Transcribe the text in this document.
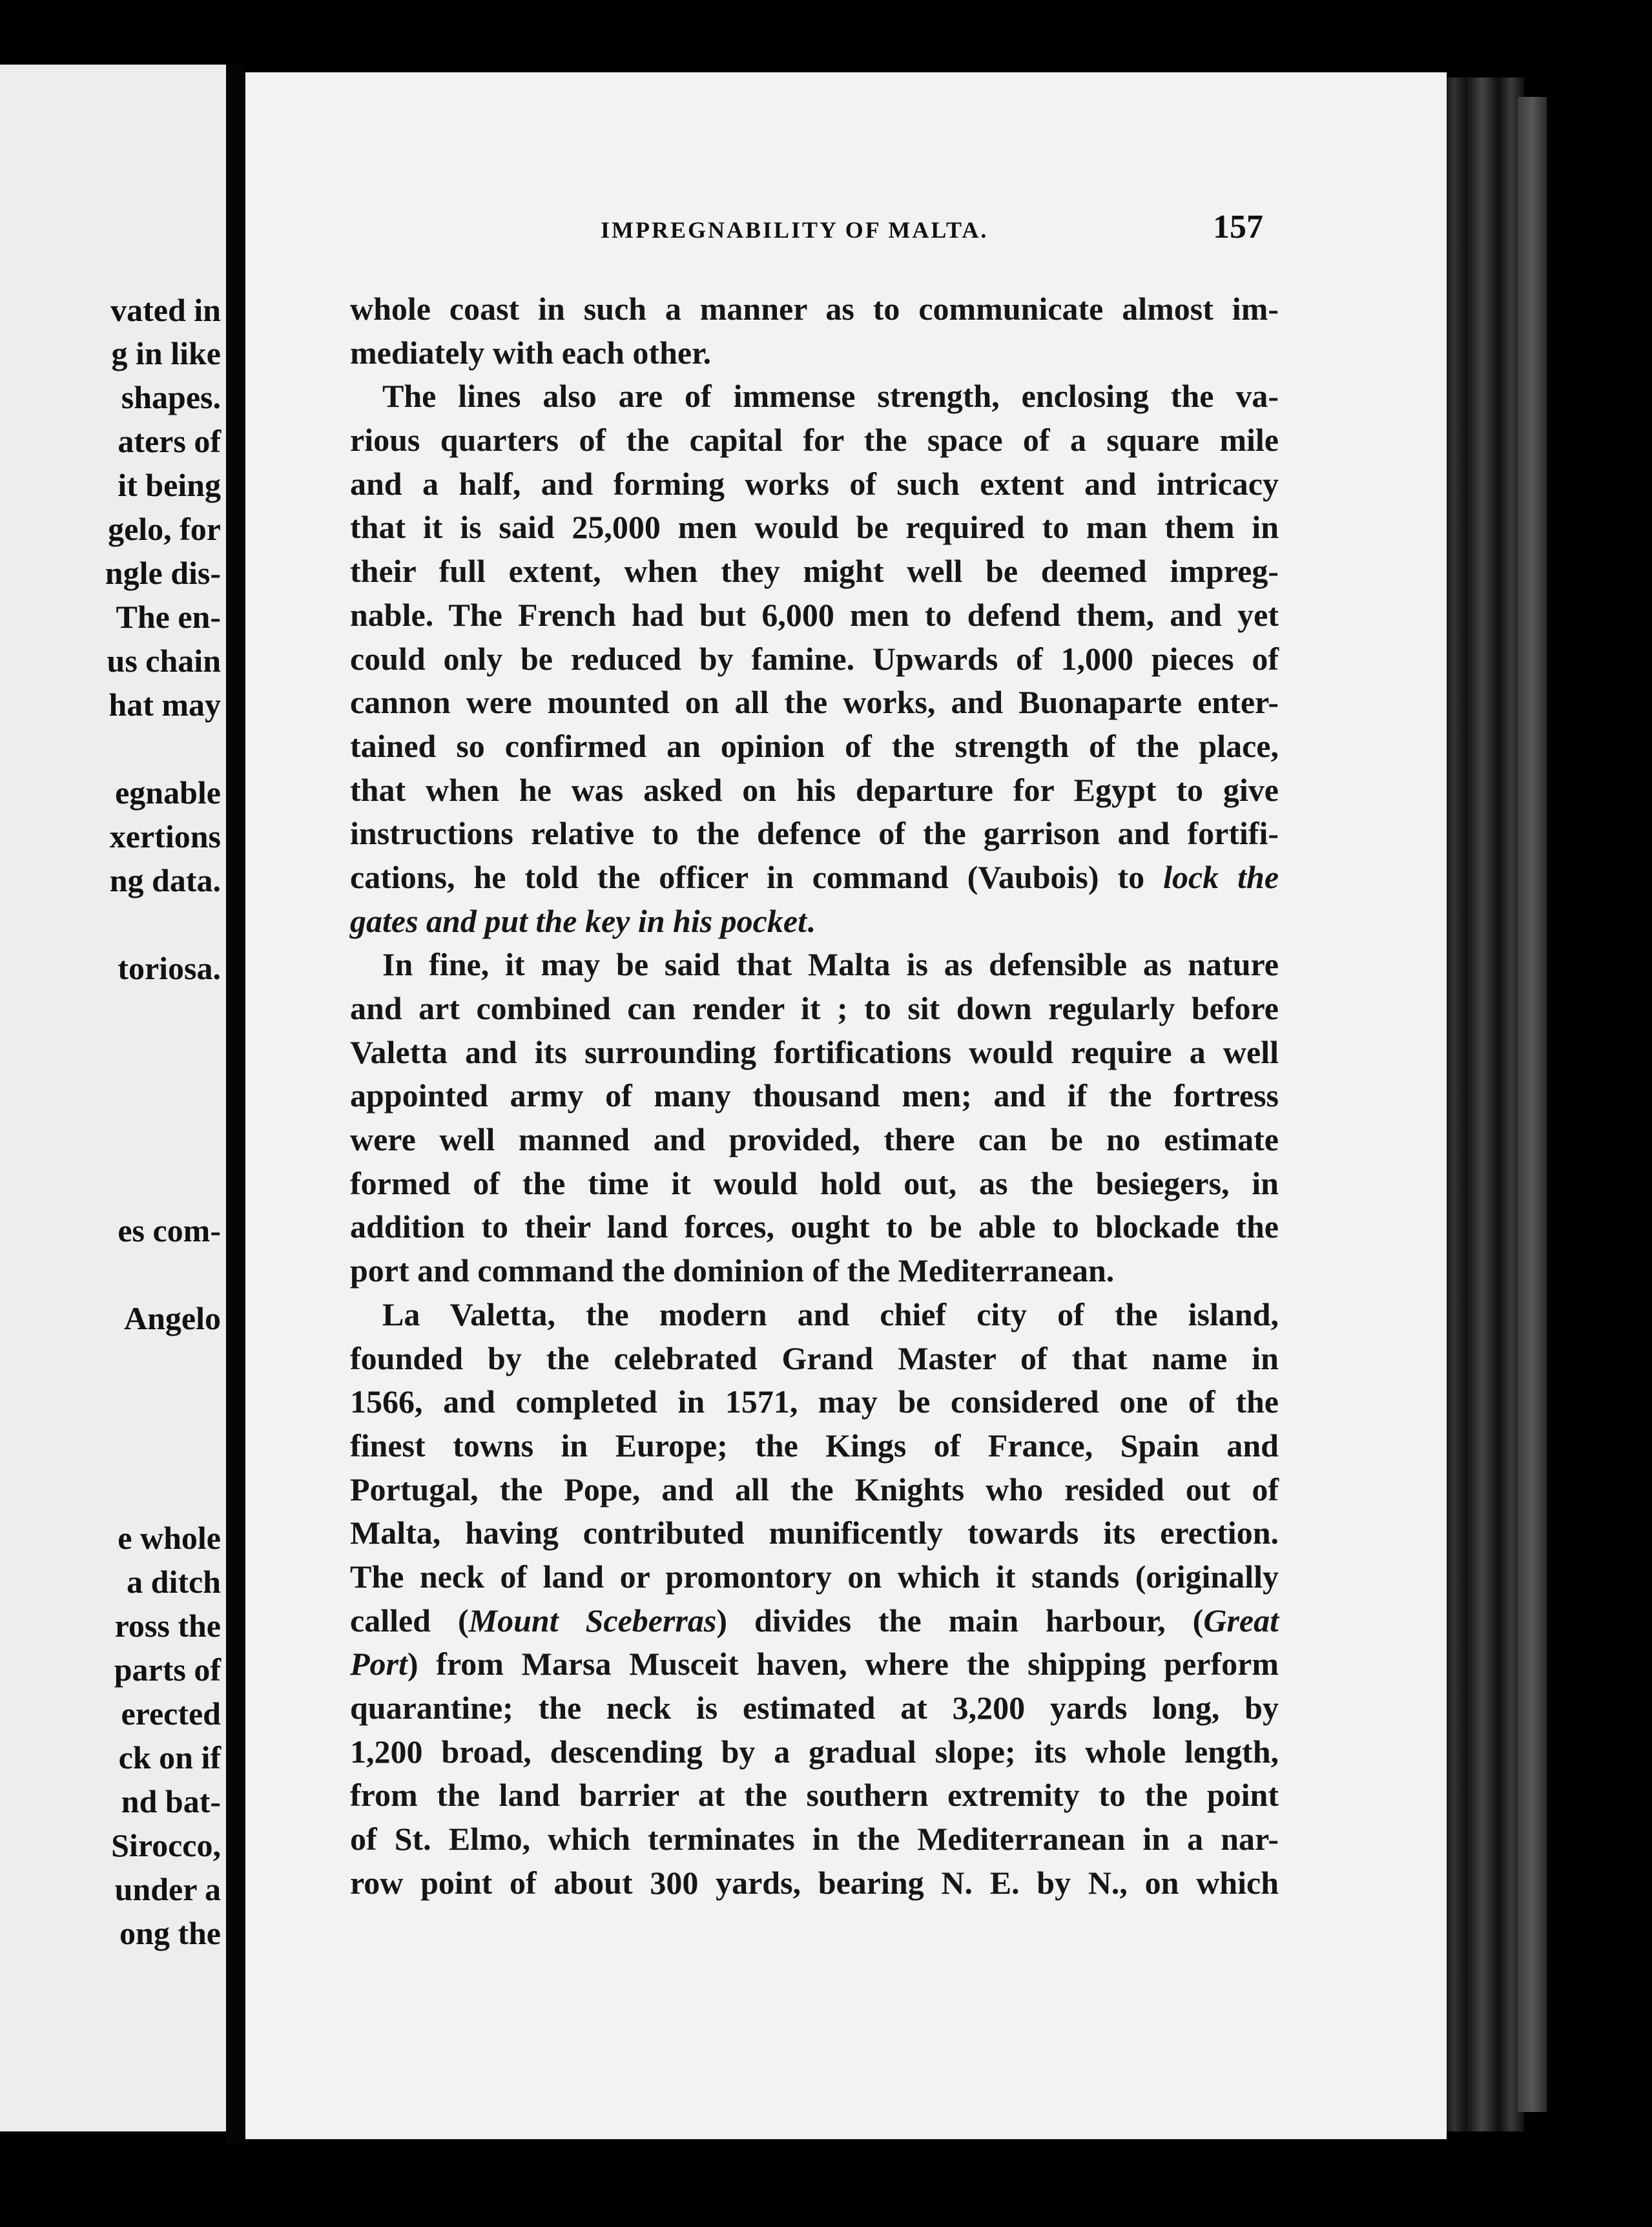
vated in
g in like
shapes.
aters of
it being
gelo, for
ngle dis-
The en-
us chain
hat may
egnable
xertions
ng data.
toriosa.
es com-
Angelo
e whole
a ditch
ross the
parts of
erected
ck on if
nd bat-
Sirocco,
under a
ong the
IMPREGNABILITY OF MALTA.	157
whole coast in such a manner as to communicate almost im-
mediately with each other.
The lines also are of immense strength, enclosing the va-
rious quarters of the capital for the space of a square mile
and a half, and forming works of such extent and intricacy
that it is said 25,000 men would be required to man them in
their full extent, when they might well be deemed impreg-
nable. The French had but 6,000 men to defend them, and yet
could only be reduced by famine. Upwards of 1,000 pieces of
cannon were mounted on all the works, and Buonaparte enter-
tained so confirmed an opinion of the strength of the place,
that when he was asked on his departure for Egypt to give
instructions relative to the defence of the garrison and fortifi-
cations, he told the officer in command (Vaubois) to lock the
gates and put the key in his pocket.
In fine, it may be said that Malta is as defensible as nature
and art combined can render it ; to sit down regularly before
Valetta and its surrounding fortifications would require a well
appointed army of many thousand men; and if the fortress
were well manned and provided, there can be no estimate
formed of the time it would hold out, as the besiegers, in
addition to their land forces, ought to be able to blockade the
port and command the dominion of the Mediterranean.
La Valetta, the modern and chief city of the island,
founded by the celebrated Grand Master of that name in
1566, and completed in 1571, may be considered one of the
finest towns in Europe; the Kings of France, Spain and
Portugal, the Pope, and all the Knights who resided out of
Malta, having contributed munificently towards its erection.
The neck of land or promontory on which it stands (originally
called (Mount Sceberras) divides the main harbour, (Great
Port) from Marsa Musceit haven, where the shipping perform
quarantine; the neck is estimated at 3,200 yards long, by
1,200 broad, descending by a gradual slope; its whole length,
from the land barrier at the southern extremity to the point
of St. Elmo, which terminates in the Mediterranean in a nar-
row point of about 300 yards, bearing N. E. by N., on which
